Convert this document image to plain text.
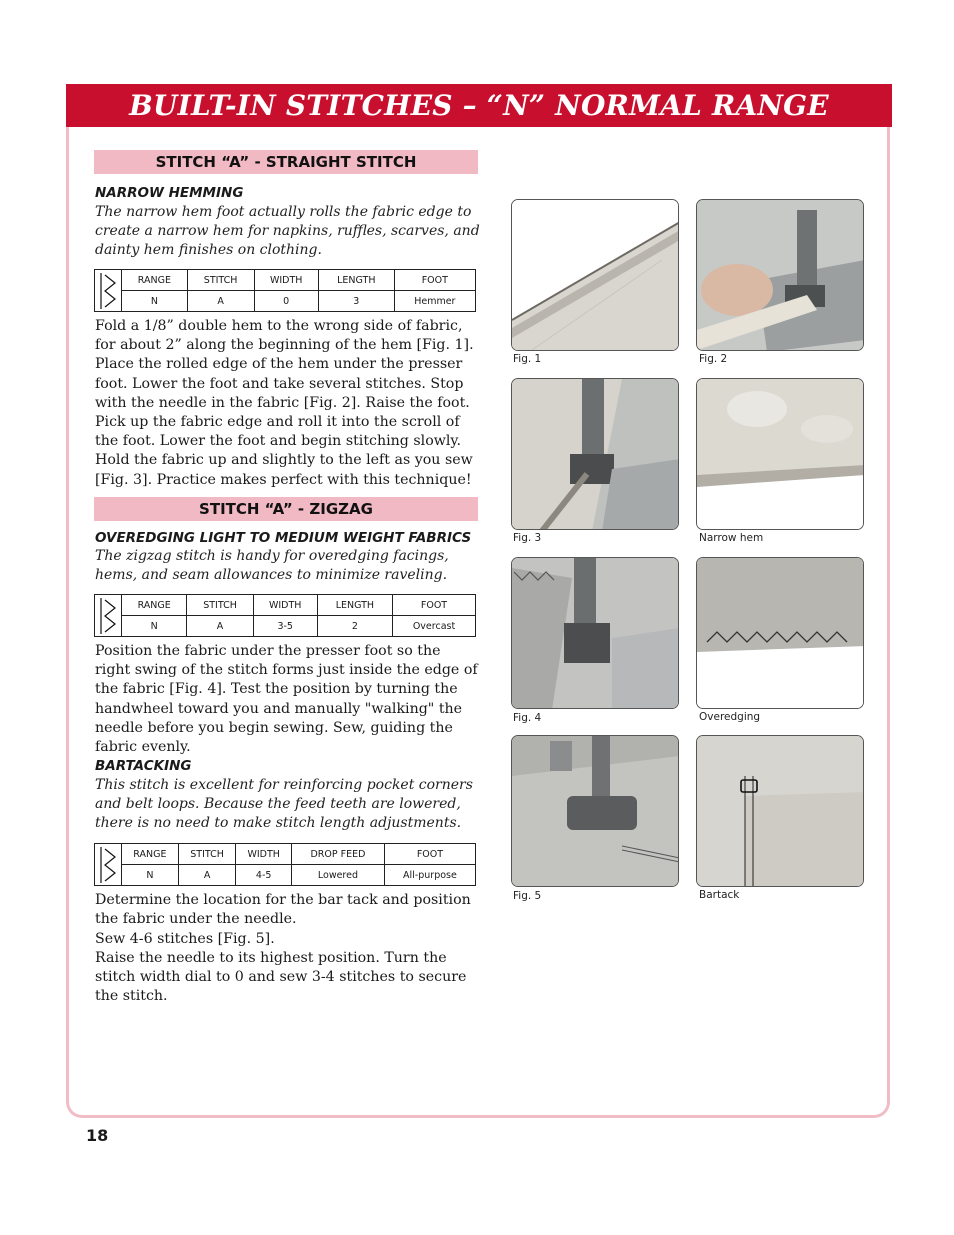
BUILT-IN STITCHES – “N” NORMAL RANGE
STITCH “A” - STRAIGHT STITCH
NARROW HEMMING
The narrow hem foot actually rolls the fabric edge to create a narrow hem for napkins, ruffles, scarves, and dainty hem finishes on clothing.
	RANGE	STITCH	WIDTH	LENGTH	FOOT
	N	A	0	3	Hemmer
Fold a 1/8” double hem to the wrong side of fabric, for about 2” along the beginning of the hem [Fig. 1]. Place the rolled edge of the hem under the presser foot. Lower the foot and take several stitches. Stop with the needle in the fabric [Fig. 2]. Raise the foot. Pick up the fabric edge and roll it into the scroll of the foot. Lower the foot and begin stitching slowly. Hold the fabric up and slightly to the left as you sew [Fig. 3]. Practice makes perfect with this technique!
STITCH “A” - ZIGZAG
OVEREDGING LIGHT TO MEDIUM WEIGHT FABRICS
The zigzag stitch is handy for overedging facings, hems, and seam allowances to minimize raveling.
	RANGE	STITCH	WIDTH	LENGTH	FOOT
	N	A	3-5	2	Overcast
Position the fabric under the presser foot so the right swing of the stitch forms just inside the edge of the fabric [Fig. 4]. Test the position by turning the handwheel toward you and manually "walking" the needle before you begin sewing. Sew, guiding the fabric evenly.
BARTACKING
This stitch is excellent for reinforcing pocket corners and belt loops. Because the feed teeth are lowered, there is no need to make stitch length adjustments.
	RANGE	STITCH	WIDTH	DROP FEED	FOOT
	N	A	4-5	Lowered	All-purpose
Determine the location for the bar tack and position the fabric under the needle.
Sew 4-6 stitches [Fig. 5].
Raise the needle to its highest position. Turn the stitch width dial to 0 and sew 3-4 stitches to secure the stitch.
Fig. 1	Fig. 2
Fig. 3	Narrow hem
Fig. 4	Overedging
Fig. 5	Bartack
18
